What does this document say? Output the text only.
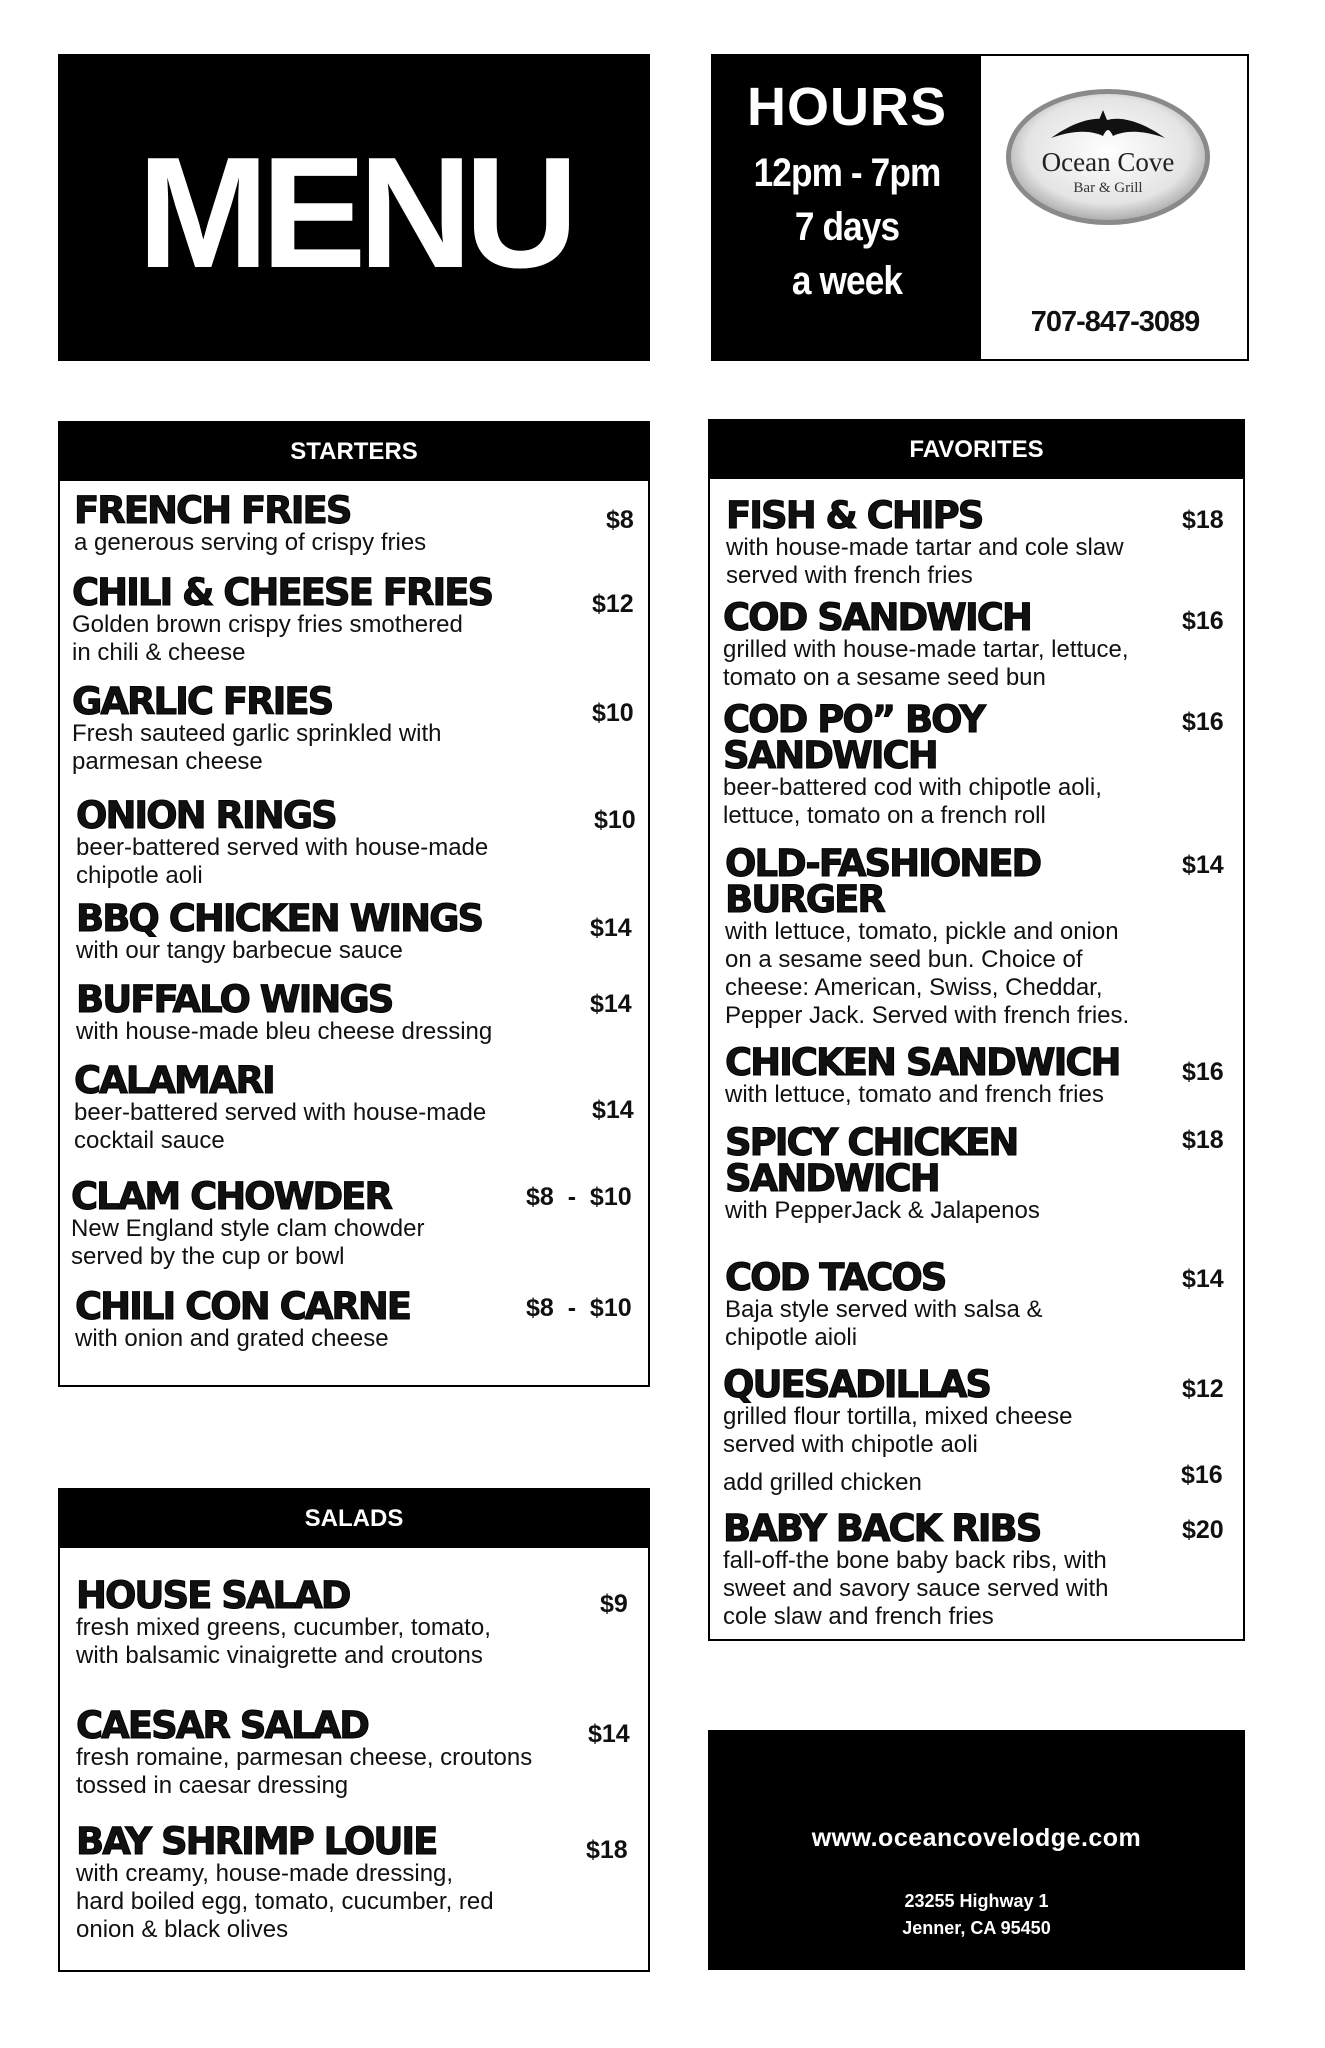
MENU
HOURS
12pm - 7pm
7 days
a week
Ocean Cove
Bar & Grill
707-847-3089
STARTERS
FRENCH FRIES
a generous serving of crispy fries
$8
CHILI & CHEESE FRIES
Golden brown crispy fries smothered
in chili & cheese
$12
GARLIC FRIES
Fresh sauteed garlic sprinkled with
parmesan cheese
$10
ONION RINGS
beer-battered served with house-made
chipotle aoli
$10
BBQ CHICKEN WINGS
with our tangy barbecue sauce
$14
BUFFALO WINGS
with house-made bleu cheese dressing
$14
CALAMARI
beer-battered served with house-made
cocktail sauce
$14
CLAM CHOWDER
New England style clam chowder
served by the cup or bowl
$8  -  $10
CHILI CON CARNE
with onion and grated cheese
$8  -  $10
SALADS
HOUSE SALAD
fresh mixed greens, cucumber, tomato,
with balsamic vinaigrette and croutons
$9
CAESAR SALAD
fresh romaine, parmesan cheese, croutons
tossed in caesar dressing
$14
BAY SHRIMP LOUIE
with creamy, house-made dressing,
hard boiled egg, tomato, cucumber, red
onion & black olives
$18
FAVORITES
FISH & CHIPS
with house-made tartar and cole slaw
served with french fries
$18
COD SANDWICH
grilled with house-made tartar, lettuce,
tomato on a sesame seed bun
$16
COD PO” BOY
SANDWICH
beer-battered cod with chipotle aoli,
lettuce, tomato on a french roll
$16
OLD-FASHIONED
BURGER
with lettuce, tomato, pickle and onion
on a sesame seed bun. Choice of
cheese: American, Swiss, Cheddar,
Pepper Jack. Served with french fries.
$14
CHICKEN SANDWICH
with lettuce, tomato and french fries
$16
SPICY CHICKEN
SANDWICH
with PepperJack & Jalapenos
$18
COD TACOS
Baja style served with salsa &
chipotle aioli
$14
QUESADILLAS
grilled flour tortilla, mixed cheese
served with chipotle aoli
add grilled chicken
$12
$16
BABY BACK RIBS
fall-off-the bone baby back ribs, with
sweet and savory sauce served with
cole slaw and french fries
$20
www.oceancovelodge.com
23255 Highway 1
Jenner, CA 95450
